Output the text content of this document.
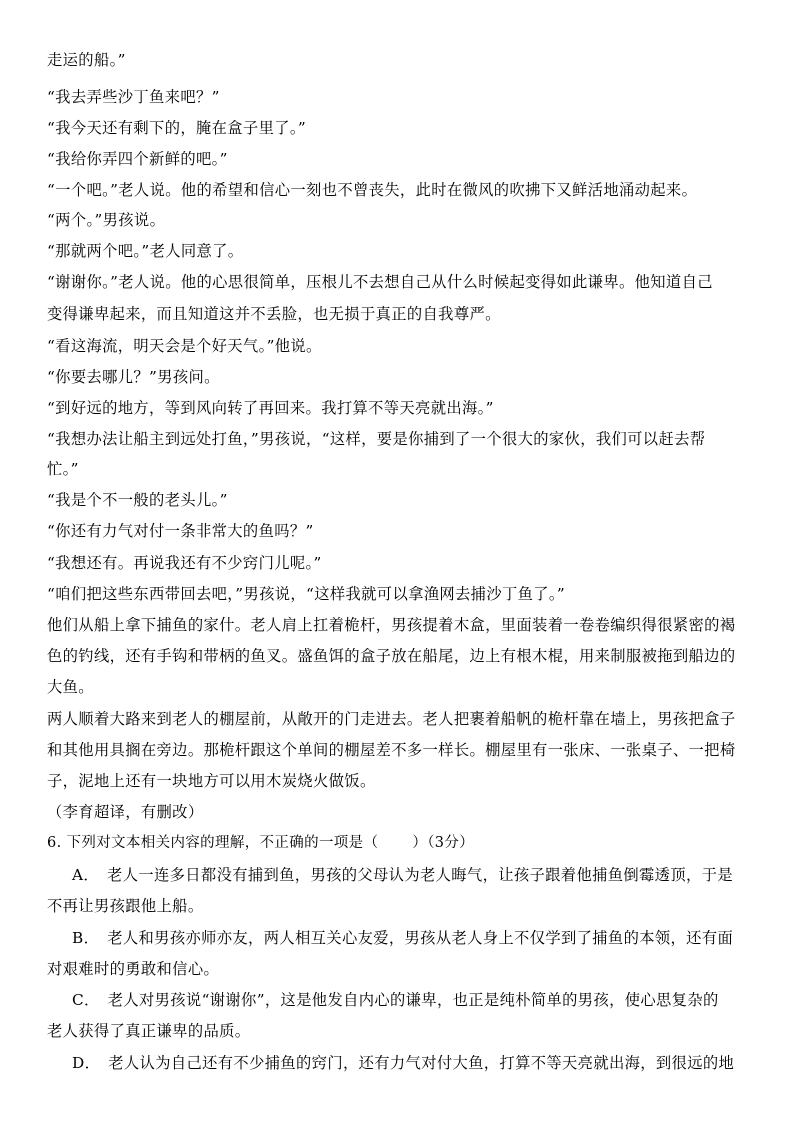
走运的船。”
“我去弄些沙丁鱼来吧？”
“我今天还有剩下的，腌在盒子里了。”
“我给你弄四个新鲜的吧。”
“一个吧。”老人说。他的希望和信心一刻也不曾丧失，此时在微风的吹拂下又鲜活地涌动起来。
“两个。”男孩说。
“那就两个吧。”老人同意了。
“谢谢你。”老人说。他的心思很简单，压根儿不去想自己从什么时候起变得如此谦卑。他知道自己
变得谦卑起来，而且知道这并不丢脸，也无损于真正的自我尊严。
“看这海流，明天会是个好天气。”他说。
“你要去哪儿？”男孩问。
“到好远的地方，等到风向转了再回来。我打算不等天亮就出海。”
“我想办法让船主到远处打鱼，”男孩说，“这样，要是你捕到了一个很大的家伙，我们可以赶去帮
忙。”
“我是个不一般的老头儿。”
“你还有力气对付一条非常大的鱼吗？”
“我想还有。再说我还有不少窍门儿呢。”
“咱们把这些东西带回去吧，”男孩说，“这样我就可以拿渔网去捕沙丁鱼了。”
他们从船上拿下捕鱼的家什。老人肩上扛着桅杆，男孩提着木盒，里面装着一卷卷编织得很紧密的褐
色的钓线，还有手钩和带柄的鱼叉。盛鱼饵的盒子放在船尾，边上有根木棍，用来制服被拖到船边的
大鱼。
两人顺着大路来到老人的棚屋前，从敞开的门走进去。老人把裹着船帆的桅杆靠在墙上，男孩把盒子
和其他用具搁在旁边。那桅杆跟这个单间的棚屋差不多一样长。棚屋里有一张床、一张桌子、一把椅
子，泥地上还有一块地方可以用木炭烧火做饭。
（李育超译，有删改）
6. 下列对文本相关内容的理解，不正确的一项是（ ）（3分）
A．　老人一连多日都没有捕到鱼，男孩的父母认为老人晦气，让孩子跟着他捕鱼倒霉透顶，于是
不再让男孩跟他上船。
B．　老人和男孩亦师亦友，两人相互关心友爱，男孩从老人身上不仅学到了捕鱼的本领，还有面
对艰难时的勇敢和信心。
C．　老人对男孩说“谢谢你”，这是他发自内心的谦卑，也正是纯朴简单的男孩，使心思复杂的
老人获得了真正谦卑的品质。
D．　老人认为自己还有不少捕鱼的窍门，还有力气对付大鱼，打算不等天亮就出海，到很远的地
